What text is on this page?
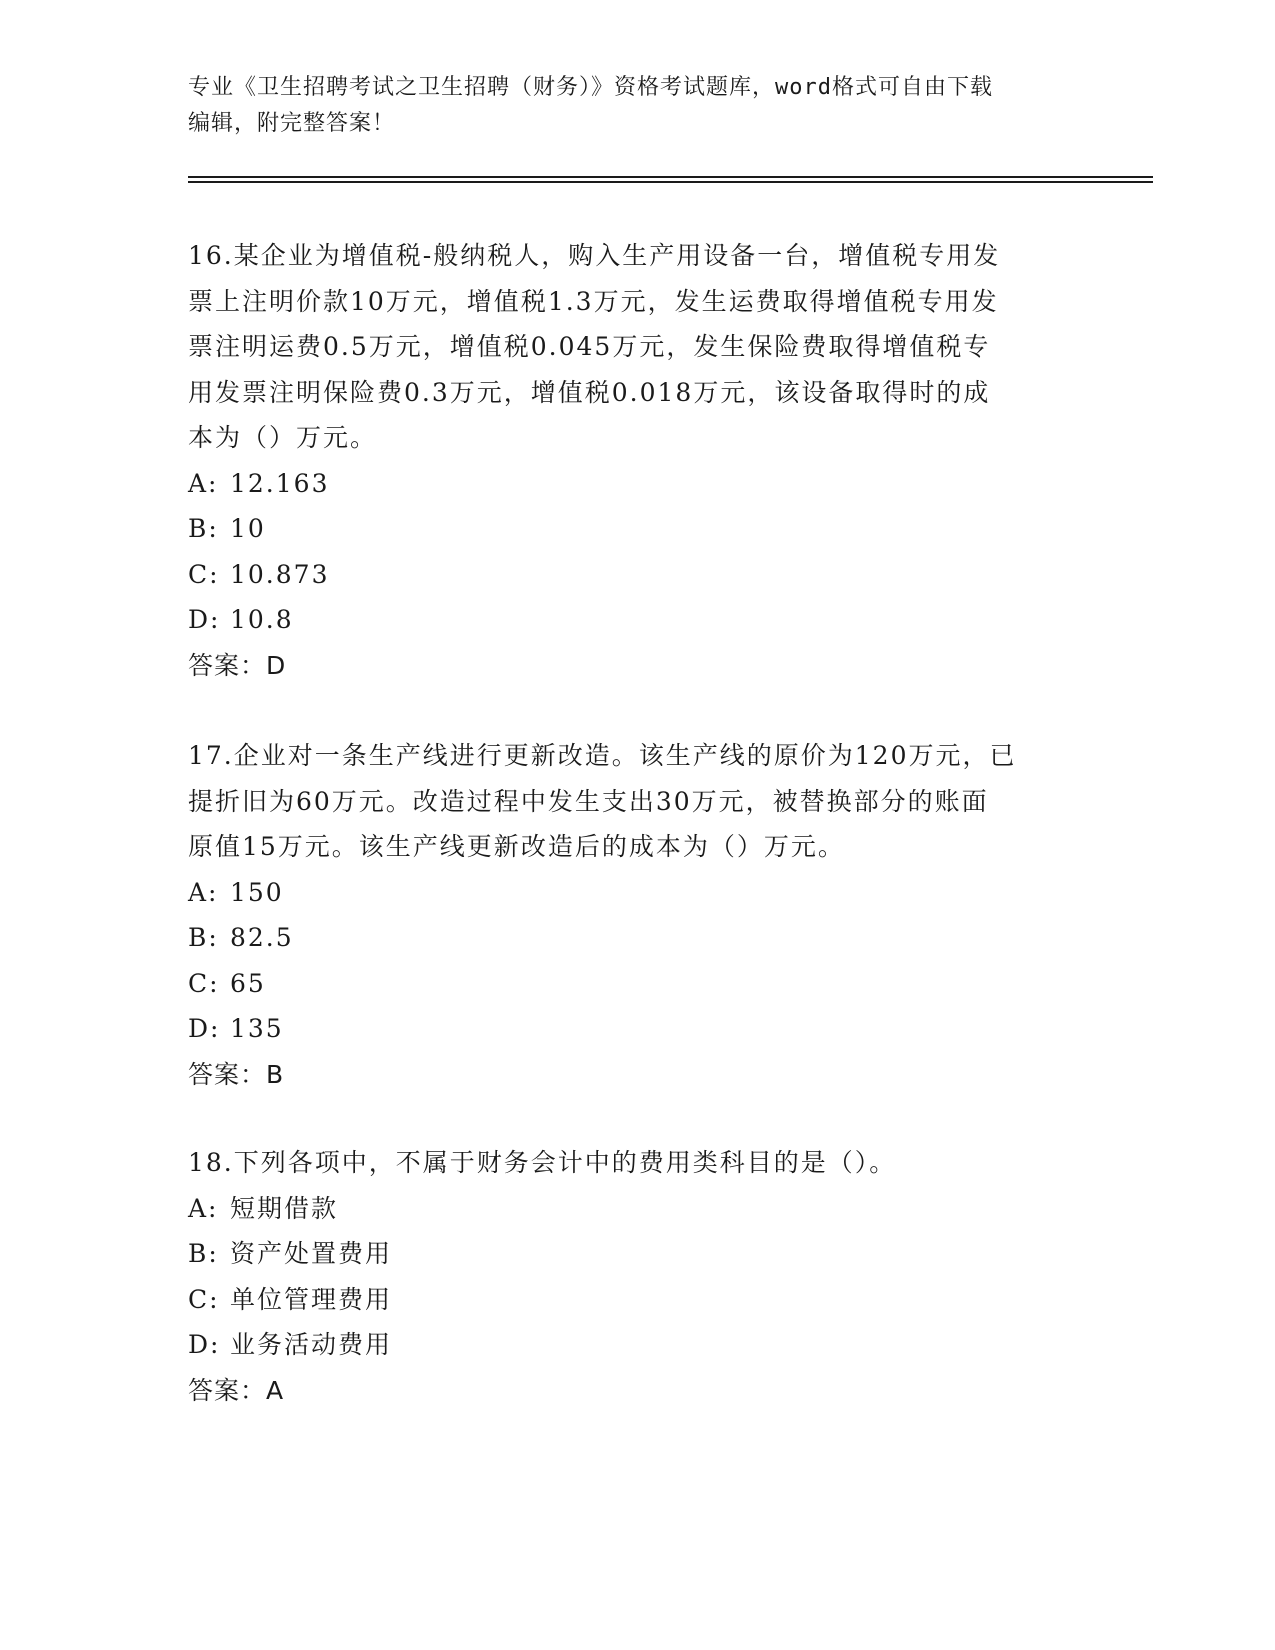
专业《卫生招聘考试之卫生招聘（财务）》资格考试题库，word格式可自由下载
编辑，附完整答案！

16.某企业为增值税-般纳税人，购入生产用设备一台，增值税专用发

票上注明价款10万元，增值税1.3万元，发生运费取得增值税专用发

票注明运费0.5万元，增值税0.045万元，发生保险费取得增值税专

用发票注明保险费0.3万元，增值税0.018万元，该设备取得时的成

本为（）万元。

A: 12.163

B: 10

C: 10.873

D: 10.8

答案：D

17.企业对一条生产线进行更新改造。该生产线的原价为120万元，已

提折旧为60万元。改造过程中发生支出30万元，被替换部分的账面

原值15万元。该生产线更新改造后的成本为（）万元。

A: 150

B: 82.5

C: 65

D: 135

答案：B

18.下列各项中，不属于财务会计中的费用类科目的是（）。

A: 短期借款

B: 资产处置费用

C: 单位管理费用

D: 业务活动费用

答案：A
